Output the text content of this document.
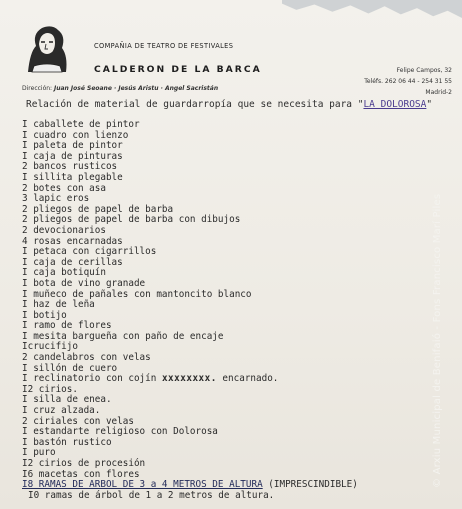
COMPAÑIA DE TEATRO DE FESTIVALES
CALDERON DE LA BARCA
Dirección: Juan José Seoane · Jesús Aristu · Angel Sacristán
Felipe Campos, 32
Teléfs. 262 06 44 - 254 31 55
Madrid-2
Relación de material de guardarropía que se necesita para "LA DOLOROSA"
I caballete de pintor
I cuadro con lienzo
I paleta de pintor
I caja de pinturas
2 bancos rusticos
I sillita plegable
2 botes con asa
3 lapic eros
2 pliegos de papel de barba
2 pliegos de papel de barba con dibujos
2 devocionarios
4 rosas encarnadas
I petaca con cigarrillos
I caja de cerillas
I caja botiquín
I bota de vino granade
I muñeco de pañales con mantoncito blanco
I haz de leña
I botijo
I ramo de flores
I mesita bargueña con paño de encaje
Icrucifijo
2 candelabros con velas
I sillón de cuero
I reclinatorio con cojín xxxxxxxx. encarnado.
I2 cirios.
I silla de enea.
I cruz alzada.
2 ciriales con velas
I estandarte religioso con Dolorosa
I bastón rustico
I puro
I2 cirios de procesión
I6 macetas con flores
I8 RAMAS DE ARBOL DE 3 a 4 METROS DE ALTURA (IMPRESCINDIBLE)
I0 ramas de árbol de 1 a 2 metros de altura.
© Arxiu Municipal de Benifaió - Fons Francisco Marí Piles
